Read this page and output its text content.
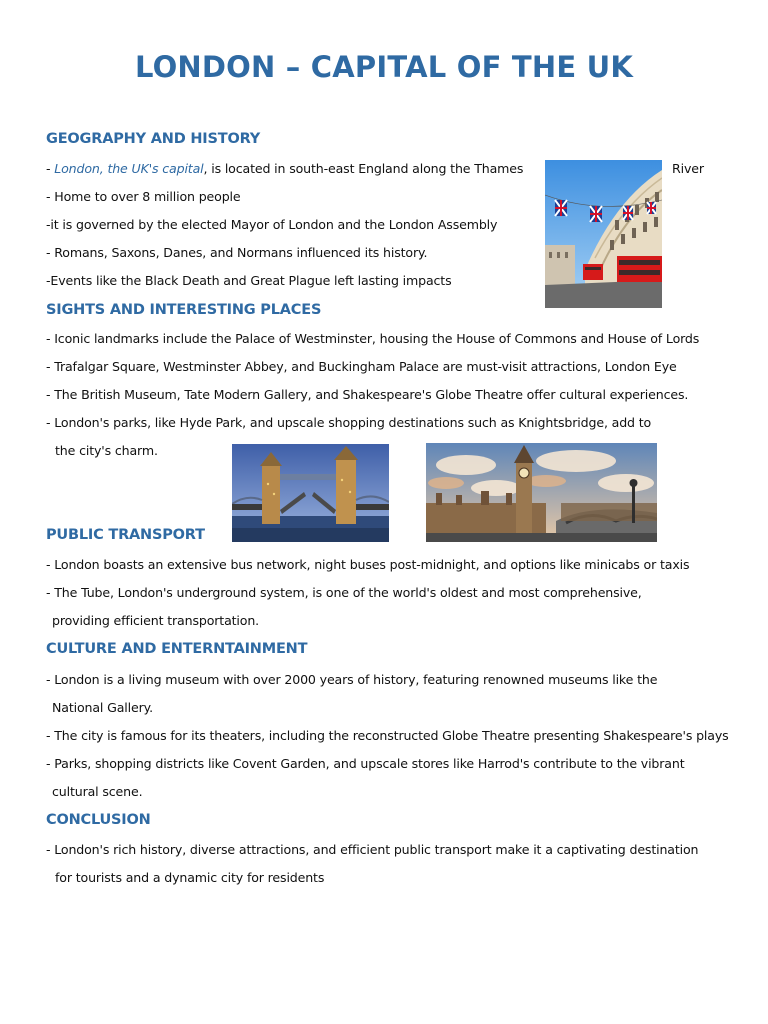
LONDON – CAPITAL OF THE UK
GEOGRAPHY AND HISTORY
- London, the UK's capital, is located in south-east England along the Thames	River
- Home to over 8 million people
-it is governed by the elected Mayor of London and the London Assembly
- Romans, Saxons, Danes, and Normans influenced its history.
-Events like the Black Death and Great Plague left lasting impacts
SIGHTS AND INTERESTING PLACES
- Iconic landmarks include the Palace of Westminster, housing the House of Commons and House of Lords
- Trafalgar Square, Westminster Abbey, and Buckingham Palace are must-visit attractions, London Eye
- The British Museum, Tate Modern Gallery, and Shakespeare's Globe Theatre offer cultural experiences.
- London's parks, like Hyde Park, and upscale shopping destinations such as Knightsbridge, add to
the city's charm.
PUBLIC TRANSPORT
- London boasts an extensive bus network, night buses post-midnight, and options like minicabs or taxis
- The Tube, London's underground system, is one of the world's oldest and most comprehensive,
providing efficient transportation.
CULTURE AND ENTERNTAINMENT
- London is a living museum with over 2000 years of history, featuring renowned museums like the
National Gallery.
- The city is famous for its theaters, including the reconstructed Globe Theatre presenting Shakespeare's plays
- Parks, shopping districts like Covent Garden, and upscale stores like Harrod's contribute to the vibrant
cultural scene.
CONCLUSION
- London's rich history, diverse attractions, and efficient public transport make it a captivating destination
for tourists and a dynamic city for residents
